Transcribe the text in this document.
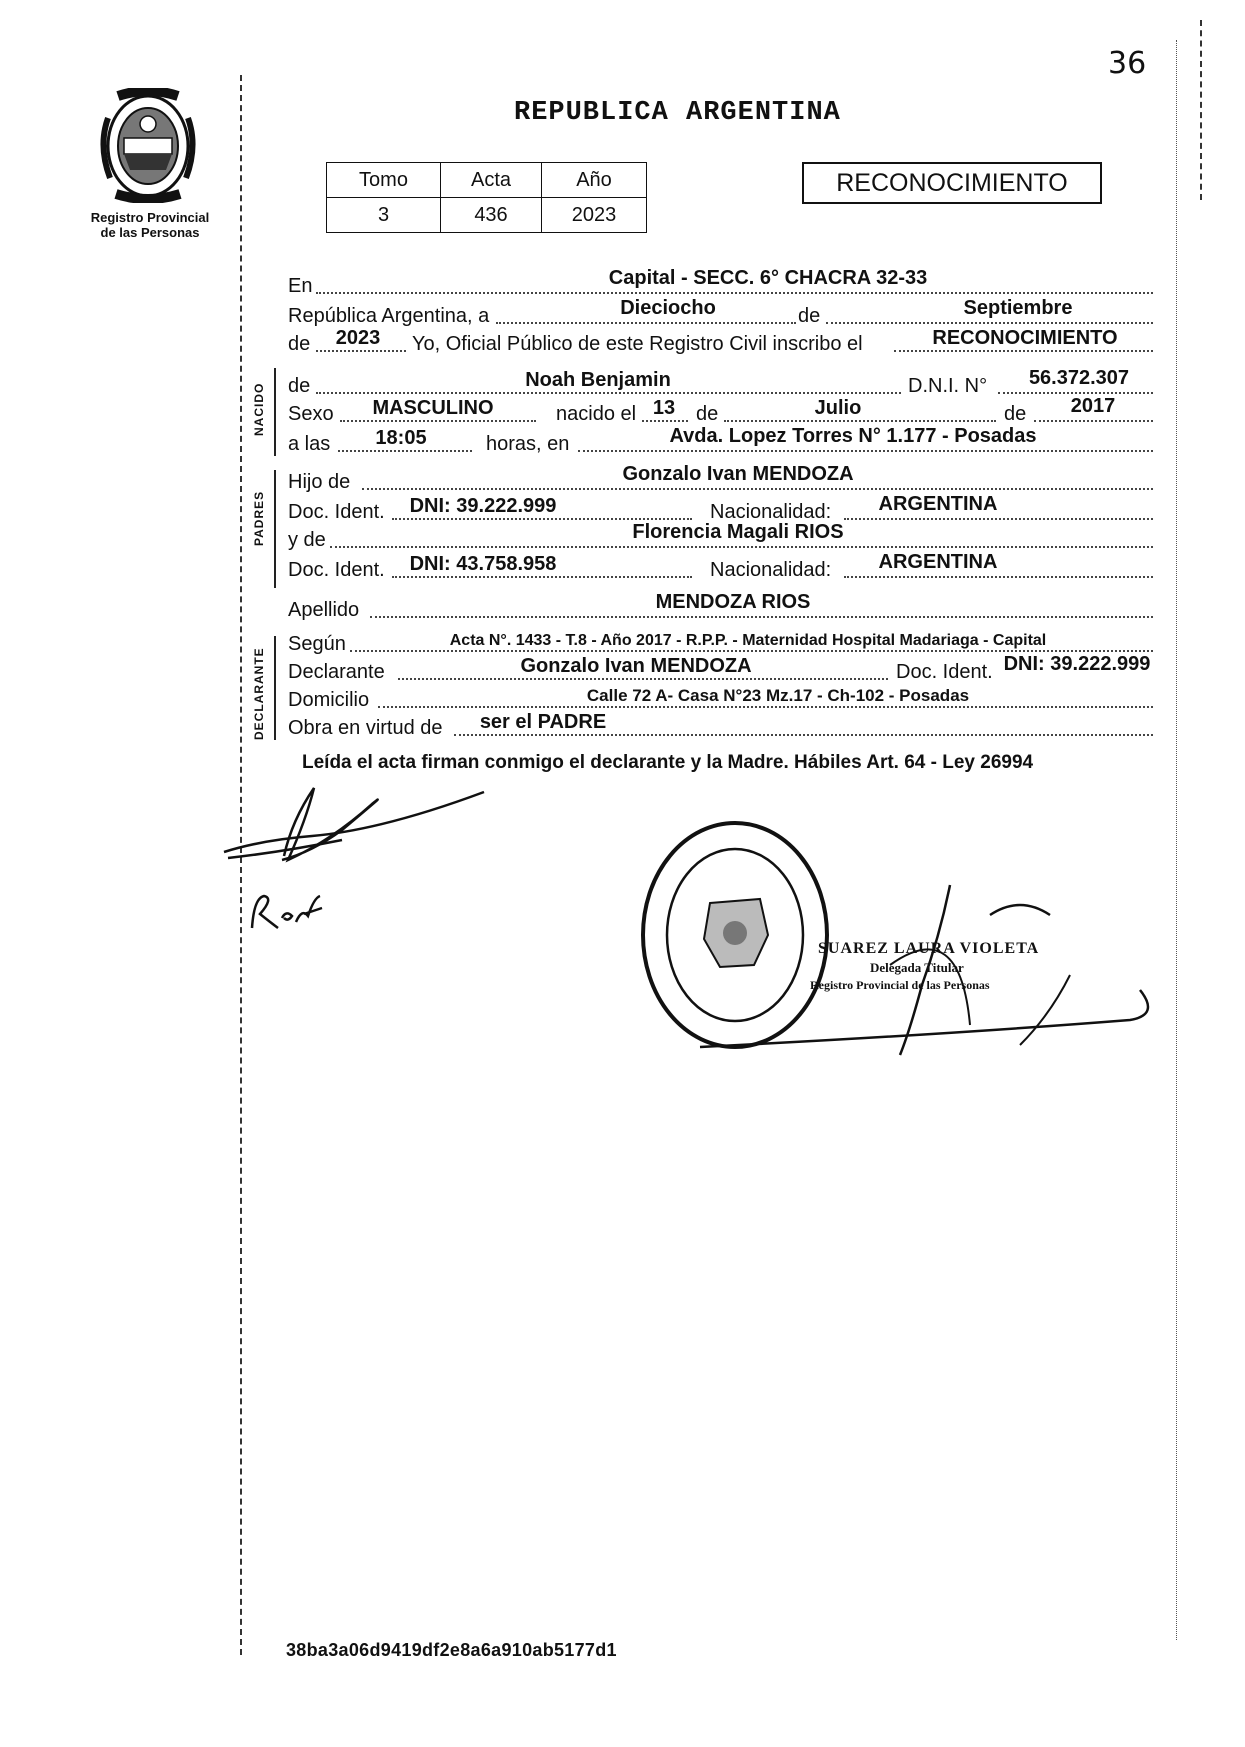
36
Registro Provincial
de las Personas
REPUBLICA ARGENTINA
Tomo	Acta	Año
3	436	2023
RECONOCIMIENTO
En	Capital - SECC. 6° CHACRA 32-33
República Argentina, a	Dieciocho	de	Septiembre
de	2023	Yo, Oficial Público de este Registro Civil inscribo el	RECONOCIMIENTO
NACIDO de	Noah Benjamin	D.N.I. N°	56.372.307
Sexo	MASCULINO	nacido el 13	de	Julio	de	2017
a las	18:05	horas, en	Avda. Lopez Torres N° 1.177 - Posadas
PADRES
Hijo de	Gonzalo Ivan MENDOZA
Doc. Ident.	DNI: 39.222.999	Nacionalidad:	ARGENTINA
y de	Florencia Magali RIOS
Doc. Ident.	DNI: 43.758.958	Nacionalidad:	ARGENTINA
Apellido	MENDOZA RIOS
DECLARANTE
Según	Acta N°. 1433 - T.8 - Año 2017 - R.P.P. - Maternidad Hospital Madariaga - Capital
Declarante	Gonzalo Ivan MENDOZA	Doc. Ident. DNI: 39.222.999
Domicilio	Calle 72 A- Casa N°23 Mz.17 - Ch-102 - Posadas
Obra en virtud de	ser el PADRE
Leída el acta firman conmigo el declarante y la Madre. Hábiles Art. 64 - Ley 26994
SUAREZ LAURA VIOLETA
Delegada Titular
Registro Provincial de las Personas
38ba3a06d9419df2e8a6a910ab5177d1
